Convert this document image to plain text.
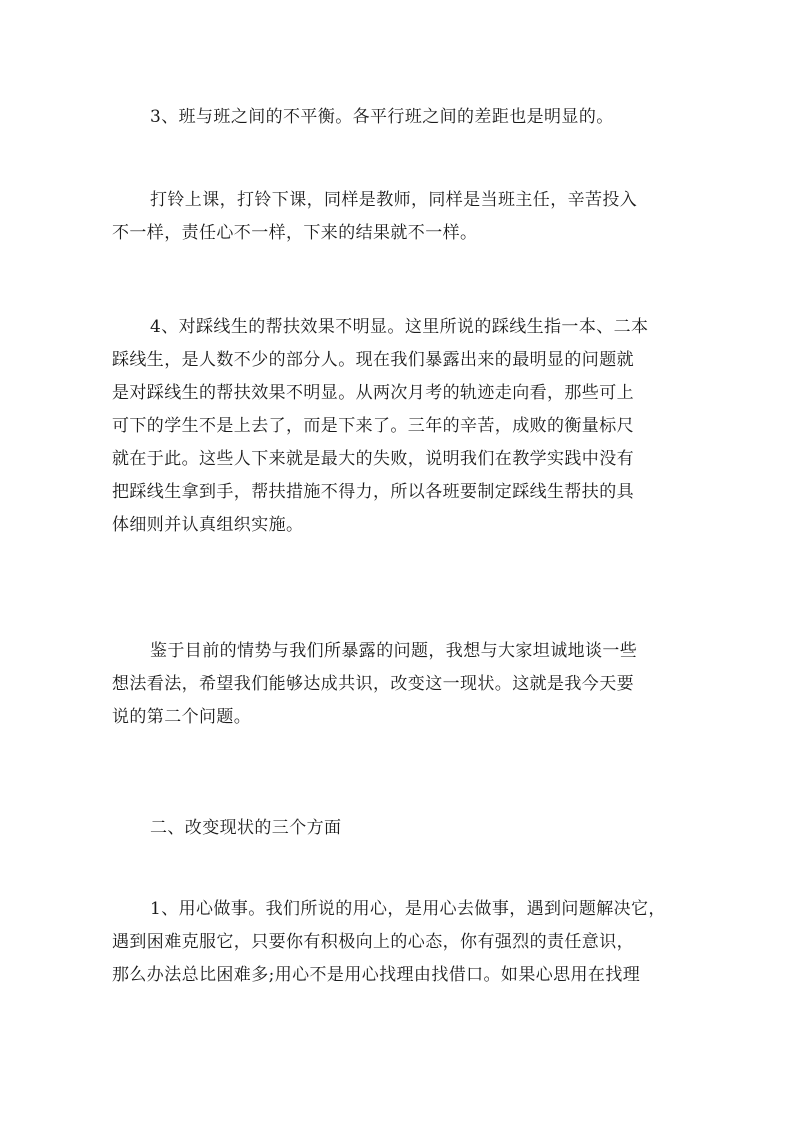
3、班与班之间的不平衡。各平行班之间的差距也是明显的。

打铃上课，打铃下课，同样是教师，同样是当班主任，辛苦投入
不一样，责任心不一样，下来的结果就不一样。

4、对踩线生的帮扶效果不明显。这里所说的踩线生指一本、二本
踩线生，是人数不少的部分人。现在我们暴露出来的最明显的问题就
是对踩线生的帮扶效果不明显。从两次月考的轨迹走向看，那些可上
可下的学生不是上去了，而是下来了。三年的辛苦，成败的衡量标尺
就在于此。这些人下来就是最大的失败，说明我们在教学实践中没有
把踩线生拿到手，帮扶措施不得力，所以各班要制定踩线生帮扶的具
体细则并认真组织实施。

鉴于目前的情势与我们所暴露的问题，我想与大家坦诚地谈一些
想法看法，希望我们能够达成共识，改变这一现状。这就是我今天要
说的第二个问题。

二、改变现状的三个方面

1、用心做事。我们所说的用心，是用心去做事，遇到问题解决它，
遇到困难克服它，只要你有积极向上的心态，你有强烈的责任意识，
那么办法总比困难多;用心不是用心找理由找借口。如果心思用在找理
